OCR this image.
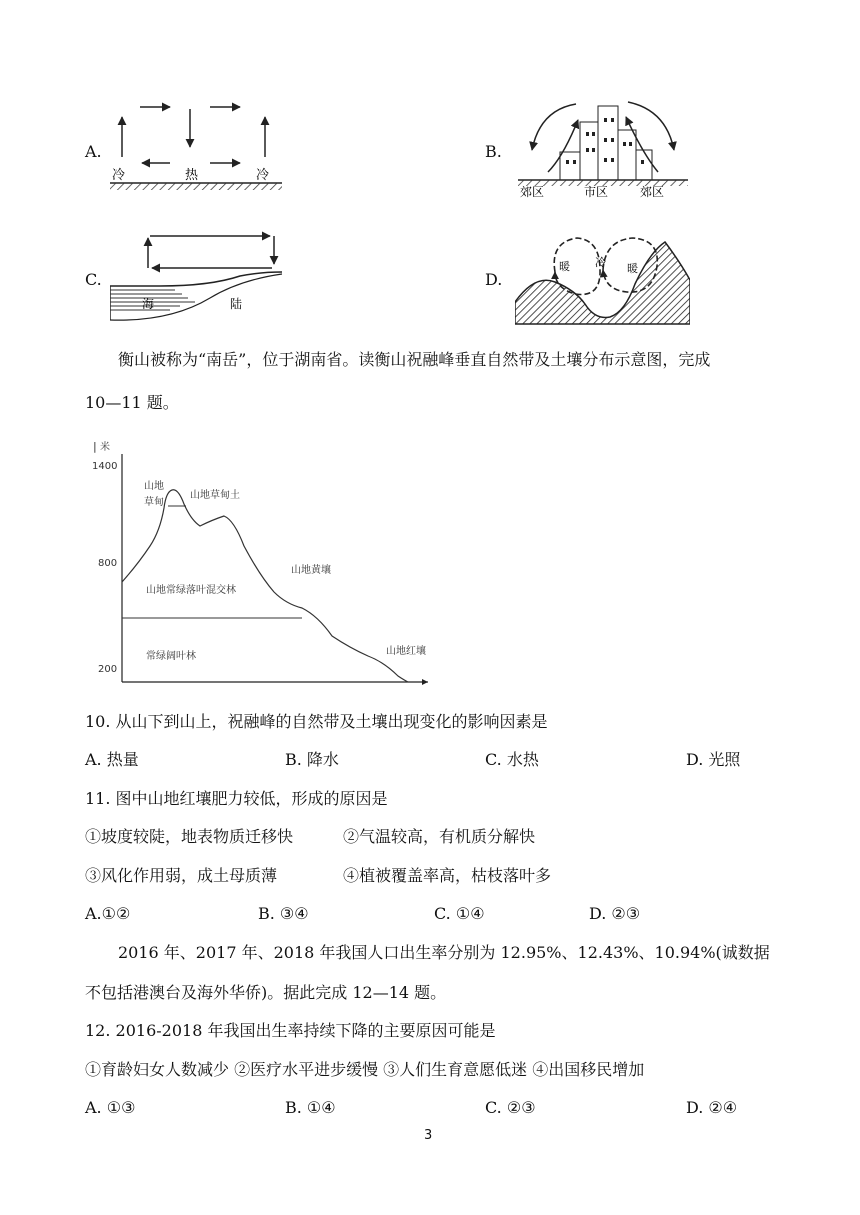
A.	B.
C.	D.
冷	热	冷
郊区	市区	郊区
海	陆
暖 冷 暖
衡山被称为“南岳”，位于湖南省。读衡山祝融峰垂直自然带及土壤分布示意图，完成
10—11 题。
| 米
1400
800
200
山地
草甸
山地草甸土
山地黄壤
山地常绿落叶混交林
常绿阔叶林	山地红壤
10. 从山下到山上，祝融峰的自然带及土壤出现变化的影响因素是
A. 热量	B. 降水	C. 水热	D. 光照
11. 图中山地红壤肥力较低，形成的原因是
①坡度较陡，地表物质迁移快	②气温较高，有机质分解快
③风化作用弱，成土母质薄	④植被覆盖率高，枯枝落叶多
A.①②	B. ③④	C. ①④	D. ②③
2016 年、2017 年、2018 年我国人口出生率分别为 12.95%、12.43%、10.94%(诚数据
不包括港澳台及海外华侨)。据此完成 12—14 题。
12. 2016-2018 年我国出生率持续下降的主要原因可能是
①育龄妇女人数减少 ②医疗水平进步缓慢 ③人们生育意愿低迷 ④出国移民增加
A. ①③	B. ①④	C. ②③	D. ②④
3
